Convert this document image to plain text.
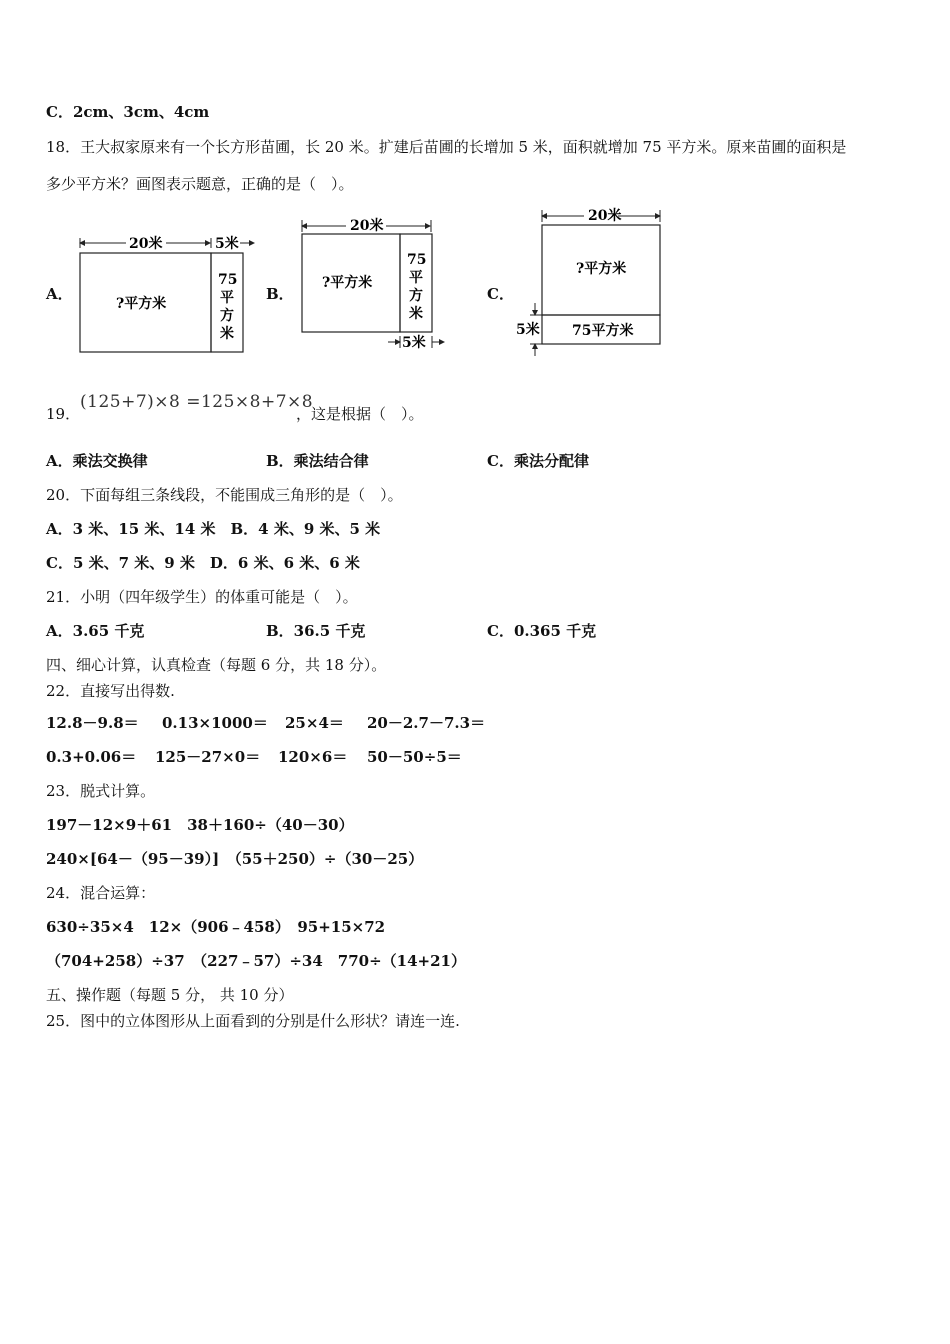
C．2cm、3cm、4cm
18．王大叔家原来有一个长方形苗圃，长 20 米。扩建后苗圃的长增加 5 米，面积就增加 75 平方米。原来苗圃的面积是
多少平方米？画图表示题意，正确的是（　）。
A．	B．	C．
20米	5米
?平方米
75
平
方
米
20米
?平方米
75
平
方
米
5米
20米
?平方米
75平方米
5米
19．
(125+7)×8 =125×8+7×8
，这是根据（　）。
A．乘法交换律	B．乘法结合律	C．乘法分配律
20．下面每组三条线段，不能围成三角形的是（　）。
A．3 米、15 米、14 米　B．4 米、9 米、5 米
C．5 米、7 米、9 米　D．6 米、6 米、6 米
21．小明（四年级学生）的体重可能是（　）。
A．3.65 千克	B．36.5 千克	C．0.365 千克
四、细心计算，认真检查（每题 6 分，共 18 分）。
22．直接写出得数.
12.8－9.8＝ 0.13×1000＝ 25×4＝ 20－2.7－7.3＝
0.3+0.06＝ 125－27×0＝ 120×6＝ 50－50÷5＝
23．脱式计算。
197－12×9＋61　38＋160÷（40－30）
240×[64－（95－39）]　（55＋250）÷（30－25）
24．混合运算：
630÷35×4　12×（906﹣458）　95+15×72
（704+258）÷37　（227﹣57）÷34　770÷（14+21）
五、操作题（每题 5 分， 共 10 分）
25．图中的立体图形从上面看到的分别是什么形状？请连一连.
